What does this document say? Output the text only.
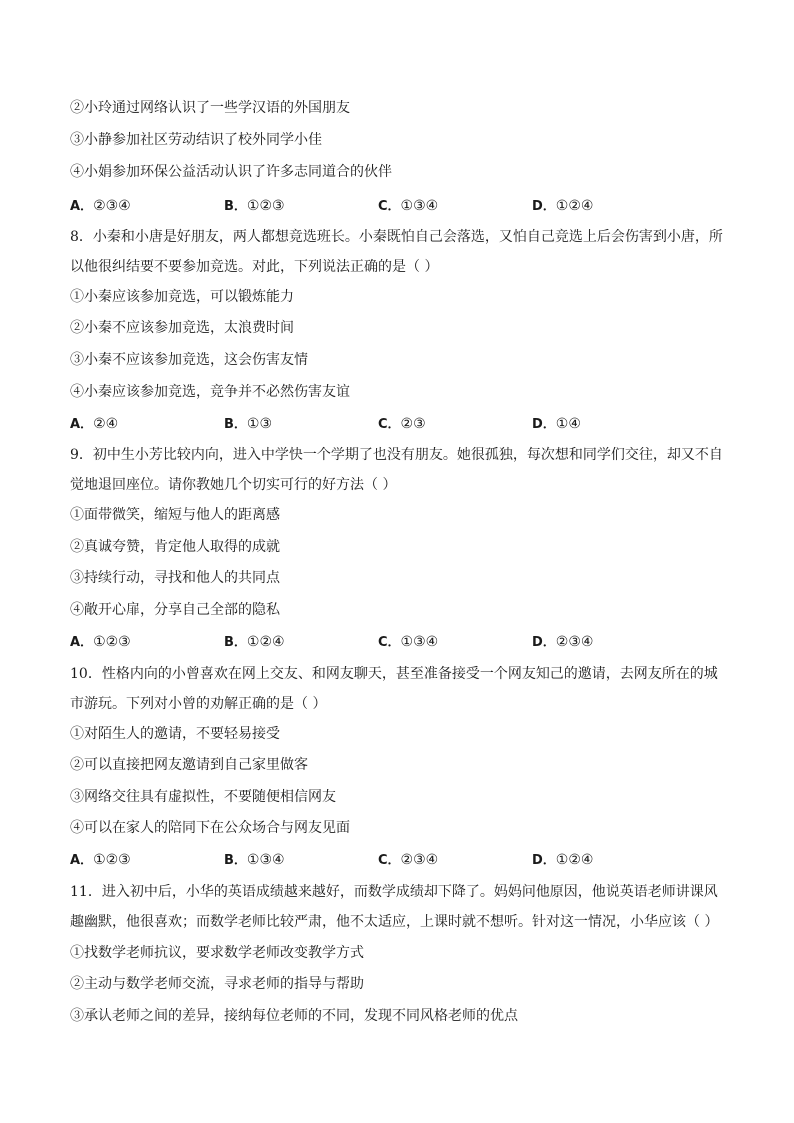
②小玲通过网络认识了一些学汉语的外国朋友
③小静参加社区劳动结识了校外同学小佳
④小娟参加环保公益活动认识了许多志同道合的伙伴
A．②③④	B．①②③	C．①③④	D．①②④
8．小秦和小唐是好朋友，两人都想竞选班长。小秦既怕自己会落选，又怕自己竞选上后会伤害到小唐，所以他很纠结要不要参加竞选。对此，下列说法正确的是（ ）
①小秦应该参加竞选，可以锻炼能力
②小秦不应该参加竞选，太浪费时间
③小秦不应该参加竞选，这会伤害友情
④小秦应该参加竞选，竞争并不必然伤害友谊
A．②④	B．①③	C．②③	D．①④
9．初中生小芳比较内向，进入中学快一个学期了也没有朋友。她很孤独，每次想和同学们交往，却又不自觉地退回座位。请你教她几个切实可行的好方法（ ）
①面带微笑，缩短与他人的距离感
②真诚夸赞，肯定他人取得的成就
③持续行动，寻找和他人的共同点
④敞开心扉，分享自己全部的隐私
A．①②③	B．①②④	C．①③④	D．②③④
10．性格内向的小曾喜欢在网上交友、和网友聊天，甚至准备接受一个网友知己的邀请，去网友所在的城市游玩。下列对小曾的劝解正确的是（ ）
①对陌生人的邀请，不要轻易接受
②可以直接把网友邀请到自己家里做客
③网络交往具有虚拟性，不要随便相信网友
④可以在家人的陪同下在公众场合与网友见面
A．①②③	B．①③④	C．②③④	D．①②④
11．进入初中后，小华的英语成绩越来越好，而数学成绩却下降了。妈妈问他原因，他说英语老师讲课风趣幽默，他很喜欢；而数学老师比较严肃，他不太适应，上课时就不想听。针对这一情况，小华应该（ ）
①找数学老师抗议，要求数学老师改变教学方式
②主动与数学老师交流，寻求老师的指导与帮助
③承认老师之间的差异，接纳每位老师的不同，发现不同风格老师的优点
